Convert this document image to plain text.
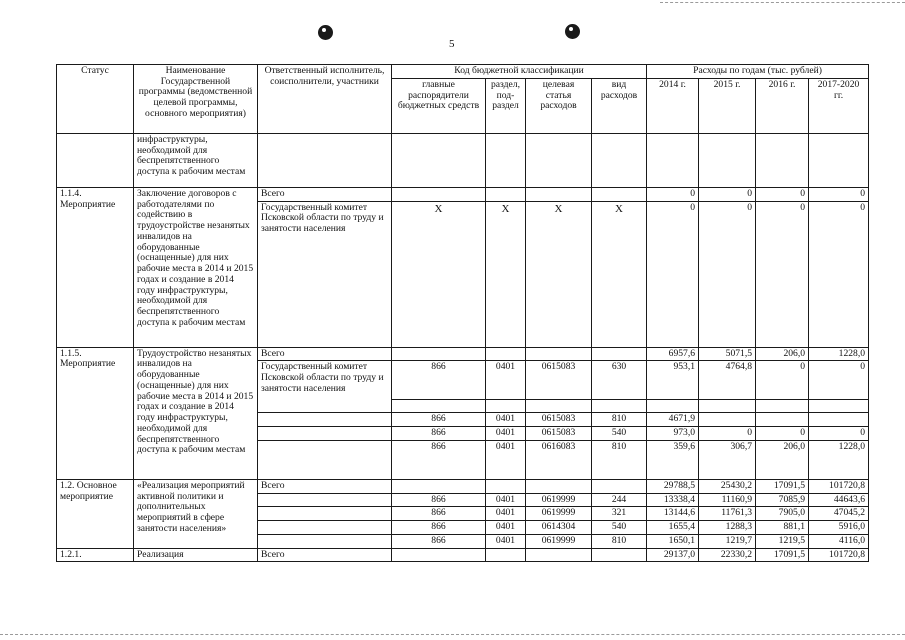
5
Статус	Наименование Государственной программы (ведомственной целевой программы, основного мероприятия)	Ответственный исполнитель, соисполнители, участники	Код бюджетной классификации				Расходы по годам (тыс. рублей)			
			главные распорядители бюджетных средств	раздел, под-раздел	целевая статья расходов	вид расходов	2014 г.	2015 г.	2016 г.	2017-2020 гг.
	инфраструктуры, необходимой для беспрепятственного доступа к рабочим местам									

1.1.4.
Мероприятие	Заключение договоров с работодателями по содействию в трудоустройстве незанятых инвалидов на оборудованные (оснащенные) для них рабочие места в 2014 и 2015 годах и создание в 2014 году инфраструктуры, необходимой для беспрепятственного доступа к рабочим местам	Всего					0	0	0	0
		Государственный комитет Псковской области по труду и занятости населения	X	X	X	X	0	0	0	0

1.1.5.
Мероприятие	Трудоустройство незанятых инвалидов на оборудованные (оснащенные) для них рабочие места в 2014 и 2015 годах и создание в 2014 году инфраструктуры, необходимой для беспрепятственного доступа к рабочим местам	Всего					6957,6	5071,5	206,0	1228,0
		Государственный комитет Псковской области по труду и занятости населения	866	0401	0615083	630	953,1	4764,8	0	0

			866	0401	0615083	810	4671,9			
			866	0401	0615083	540	973,0	0	0	0
			866	0401	0616083	810	359,6	306,7	206,0	1228,0
1.2. Основное мероприятие	«Реализация мероприятий активной политики и дополнительных мероприятий в сфере занятости населения»	Всего					29788,5	25430,2	17091,5	101720,8
			866	0401	0619999	244	13338,4	11160,9	7085,9	44643,6
			866	0401	0619999	321	13144,6	11761,3	7905,0	47045,2
			866	0401	0614304	540	1655,4	1288,3	881,1	5916,0
			866	0401	0619999	810	1650,1	1219,7	1219,5	4116,0
1.2.1.	Реализация	Всего					29137,0	22330,2	17091,5	101720,8
